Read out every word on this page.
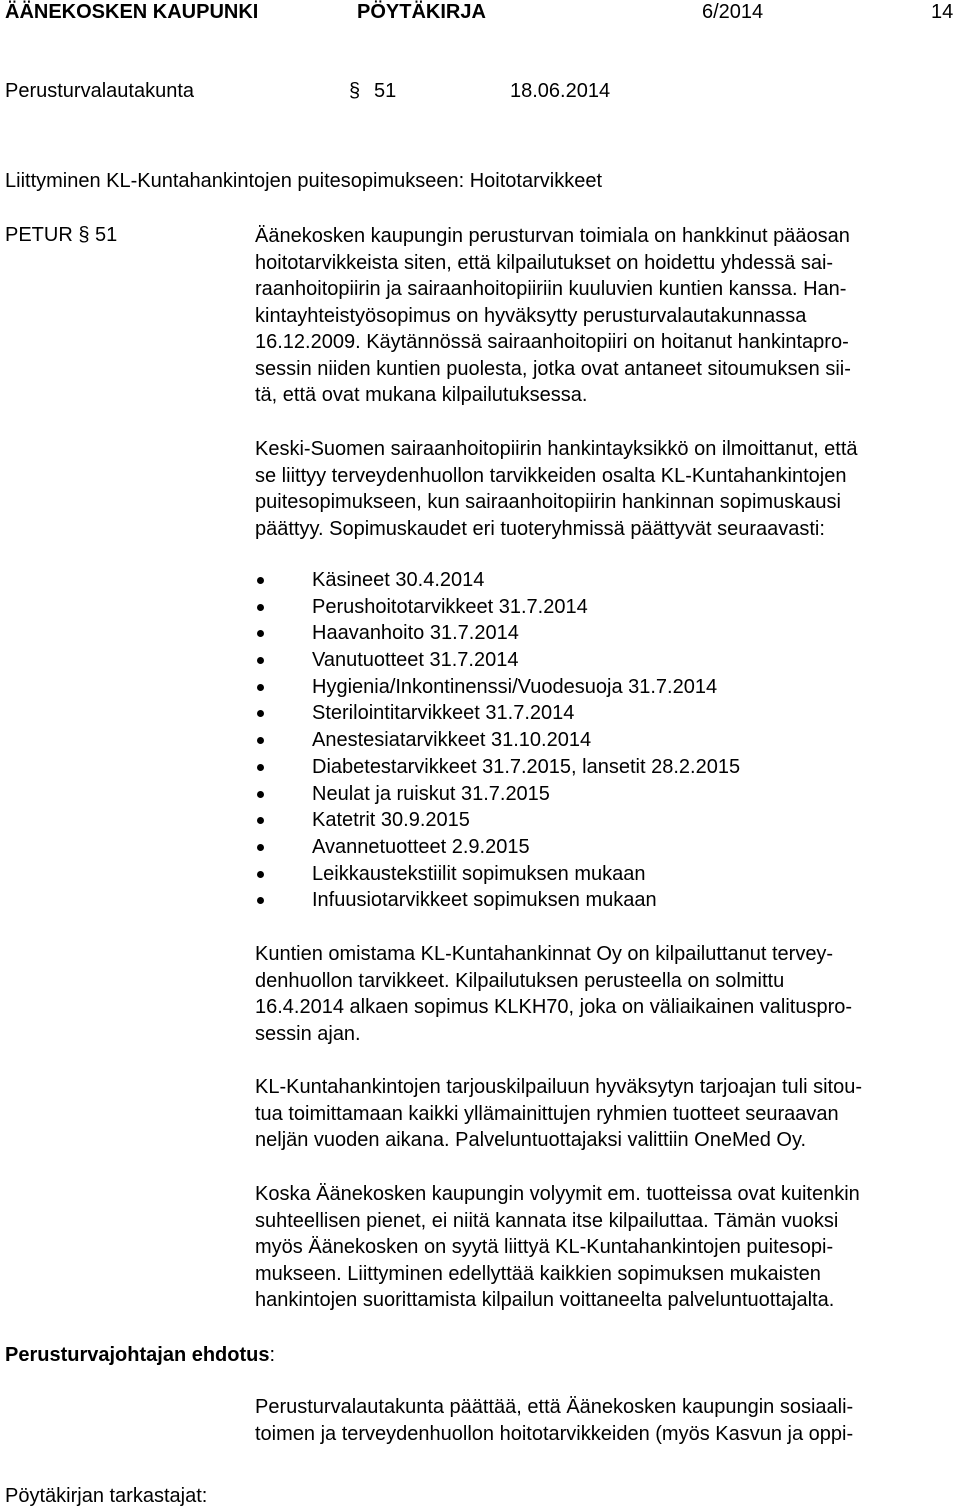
ÄÄNEKOSKEN KAUPUNKI	PÖYTÄKIRJA	6/2014	14
Perusturvalautakunta	§ 51	18.06.2014
Liittyminen KL-Kuntahankintojen puitesopimukseen: Hoitotarvikkeet
PETUR § 51	Äänekosken kaupungin perusturvan toimiala on hankkinut pääosan
hoitotarvikkeista siten, että kilpailutukset on hoidettu yhdessä sai-
raanhoitopiirin ja sairaanhoitopiiriin kuuluvien kuntien kanssa. Han-
kintayhteistyösopimus on hyväksytty perusturvalautakunnassa
16.12.2009. Käytännössä sairaanhoitopiiri on hoitanut hankintapro-
sessin niiden kuntien puolesta, jotka ovat antaneet sitoumuksen sii-
tä, että ovat mukana kilpailutuksessa.
Keski-Suomen sairaanhoitopiirin hankintayksikkö on ilmoittanut, että
se liittyy terveydenhuollon tarvikkeiden osalta KL-Kuntahankintojen
puitesopimukseen, kun sairaanhoitopiirin hankinnan sopimuskausi
päättyy. Sopimuskaudet eri tuoteryhmissä päättyvät seuraavasti:
Käsineet 30.4.2014
Perushoitotarvikkeet 31.7.2014
Haavanhoito 31.7.2014
Vanutuotteet 31.7.2014
Hygienia/Inkontinenssi/Vuodesuoja 31.7.2014
Sterilointitarvikkeet 31.7.2014
Anestesiatarvikkeet 31.10.2014
Diabetestarvikkeet 31.7.2015, lansetit 28.2.2015
Neulat ja ruiskut 31.7.2015
Katetrit 30.9.2015
Avannetuotteet 2.9.2015
Leikkaustekstiilit sopimuksen mukaan
Infuusiotarvikkeet sopimuksen mukaan
Kuntien omistama KL-Kuntahankinnat Oy on kilpailuttanut tervey-
denhuollon tarvikkeet. Kilpailutuksen perusteella on solmittu
16.4.2014 alkaen sopimus KLKH70, joka on väliaikainen valituspro-
sessin ajan.
KL-Kuntahankintojen tarjouskilpailuun hyväksytyn tarjoajan tuli sitou-
tua toimittamaan kaikki yllämainittujen ryhmien tuotteet seuraavan
neljän vuoden aikana. Palveluntuottajaksi valittiin OneMed Oy.
Koska Äänekosken kaupungin volyymit em. tuotteissa ovat kuitenkin
suhteellisen pienet, ei niitä kannata itse kilpailuttaa. Tämän vuoksi
myös Äänekosken on syytä liittyä KL-Kuntahankintojen puitesopi-
mukseen. Liittyminen edellyttää kaikkien sopimuksen mukaisten
hankintojen suorittamista kilpailun voittaneelta palveluntuottajalta.
Perusturvajohtajan ehdotus:
Perusturvalautakunta päättää, että Äänekosken kaupungin sosiaali-
toimen ja terveydenhuollon hoitotarvikkeiden (myös Kasvun ja oppi-
Pöytäkirjan tarkastajat:
